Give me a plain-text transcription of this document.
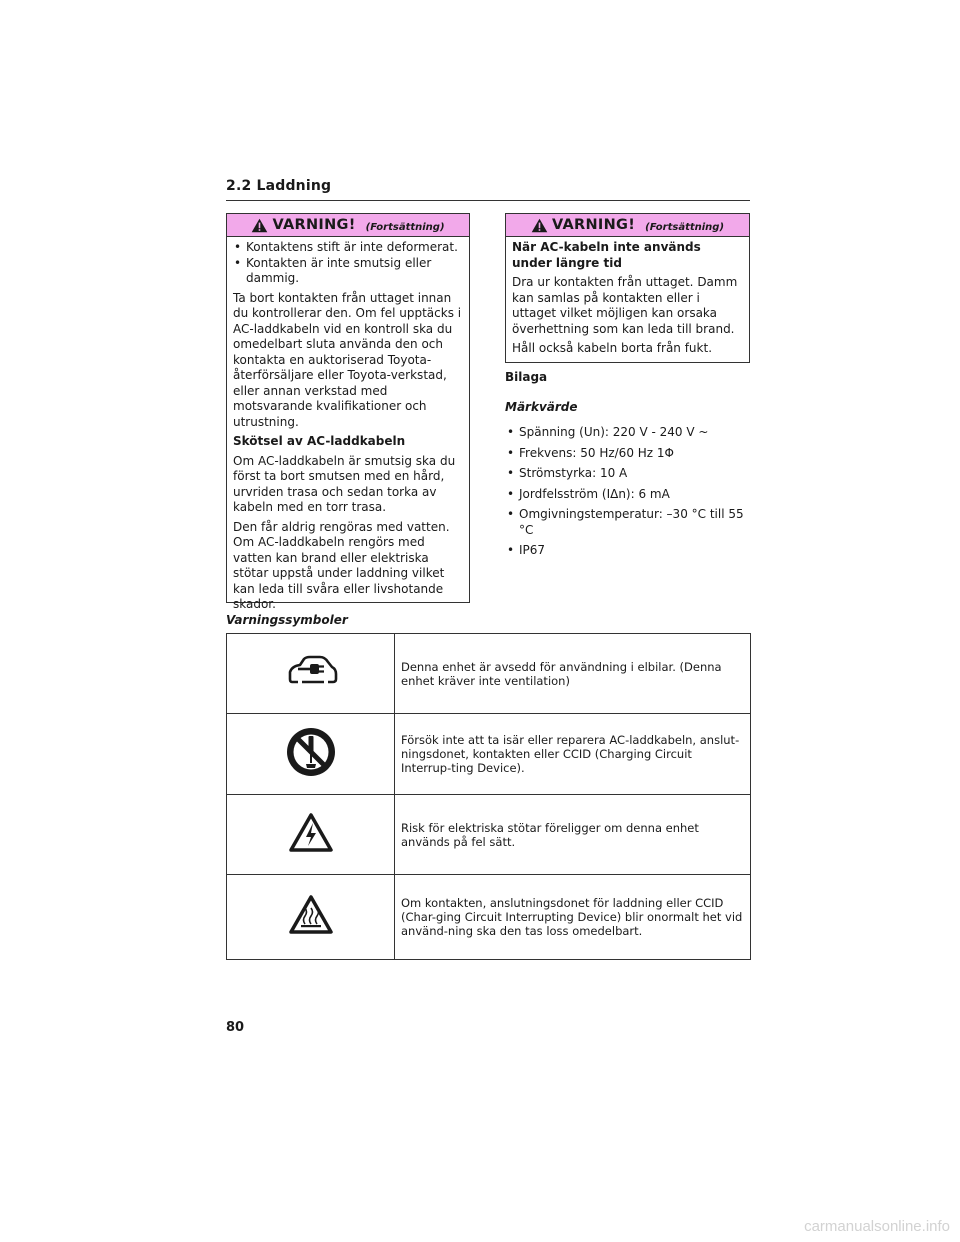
2.2 Laddning
VARNING! (Fortsättning)
• Kontaktens stift är inte deformerat.
• Kontakten är inte smutsig eller dammig.

Ta bort kontakten från uttaget innan du kontrollerar den. Om fel upptäcks i AC-laddkabeln vid en kontroll ska du omedelbart sluta använda den och kontakta en auktoriserad Toyota-återförsäljare eller Toyota-verkstad, eller annan verkstad med motsvarande kvalifikationer och utrustning.

Skötsel av AC-laddkabeln

Om AC-laddkabeln är smutsig ska du först ta bort smutsen med en hård, urvriden trasa och sedan torka av kabeln med en torr trasa.

Den får aldrig rengöras med vatten. Om AC-laddkabeln rengörs med vatten kan brand eller elektriska stötar uppstå under laddning vilket kan leda till svåra eller livshotande skador.

VARNING! (Fortsättning)

När AC-kabeln inte används under längre tid

Dra ur kontakten från uttaget. Damm kan samlas på kontakten eller i uttaget vilket möjligen kan orsaka överhettning som kan leda till brand.

Håll också kabeln borta från fukt.

Bilaga

Märkvärde

• Spänning (Un): 220 V - 240 V ~
• Frekvens: 50 Hz/60 Hz 1Φ
• Strömstyrka: 10 A
• Jordfelsström (IΔn): 6 mA
• Omgivningstemperatur: –30 °C till 55 °C
• IP67
Varningssymboler
	Denna enhet är avsedd för användning i elbilar. (Denna enhet kräver inte ventilation)
	Försök inte att ta isär eller reparera AC-laddkabeln, anslut-ningsdonet, kontakten eller CCID (Charging Circuit Interrup-ting Device).
	Risk för elektriska stötar föreligger om denna enhet används på fel sätt.
	Om kontakten, anslutningsdonet för laddning eller CCID (Char-ging Circuit Interrupting Device) blir onormalt het vid använd-ning ska den tas loss omedelbart.
80
carmanualsonline.info
